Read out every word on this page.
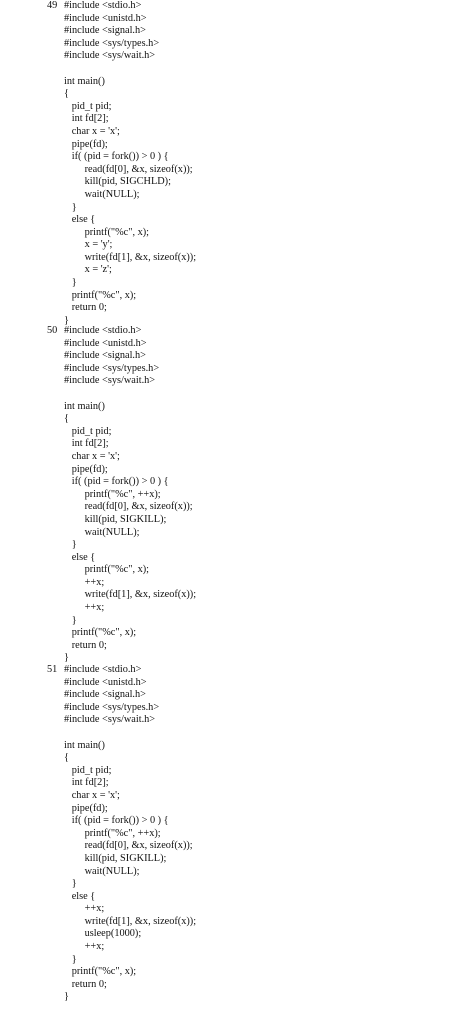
49 #include <stdio.h>
#include <unistd.h>
#include <signal.h>
#include <sys/types.h>
#include <sys/wait.h>
int main()
{
pid_t pid;
int fd[2];
char x = 'x';
pipe(fd);
if( (pid = fork()) > 0 ) {
read(fd[0], &x, sizeof(x));
kill(pid, SIGCHLD);
wait(NULL);
}
else {
printf("%c", x);
x = 'y';
write(fd[1], &x, sizeof(x));
x = 'z';
}
printf("%c", x);
return 0;
}
50 #include <stdio.h>
#include <unistd.h>
#include <signal.h>
#include <sys/types.h>
#include <sys/wait.h>
int main()
{
pid_t pid;
int fd[2];
char x = 'x';
pipe(fd);
if( (pid = fork()) > 0 ) {
printf("%c", ++x);
read(fd[0], &x, sizeof(x));
kill(pid, SIGKILL);
wait(NULL);
}
else {
printf("%c", x);
++x;
write(fd[1], &x, sizeof(x));
++x;
}
printf("%c", x);
return 0;
}
51 #include <stdio.h>
#include <unistd.h>
#include <signal.h>
#include <sys/types.h>
#include <sys/wait.h>
int main()
{
pid_t pid;
int fd[2];
char x = 'x';
pipe(fd);
if( (pid = fork()) > 0 ) {
printf("%c", ++x);
read(fd[0], &x, sizeof(x));
kill(pid, SIGKILL);
wait(NULL);
}
else {
++x;
write(fd[1], &x, sizeof(x));
usleep(1000);
++x;
}
printf("%c", x);
return 0;
}
